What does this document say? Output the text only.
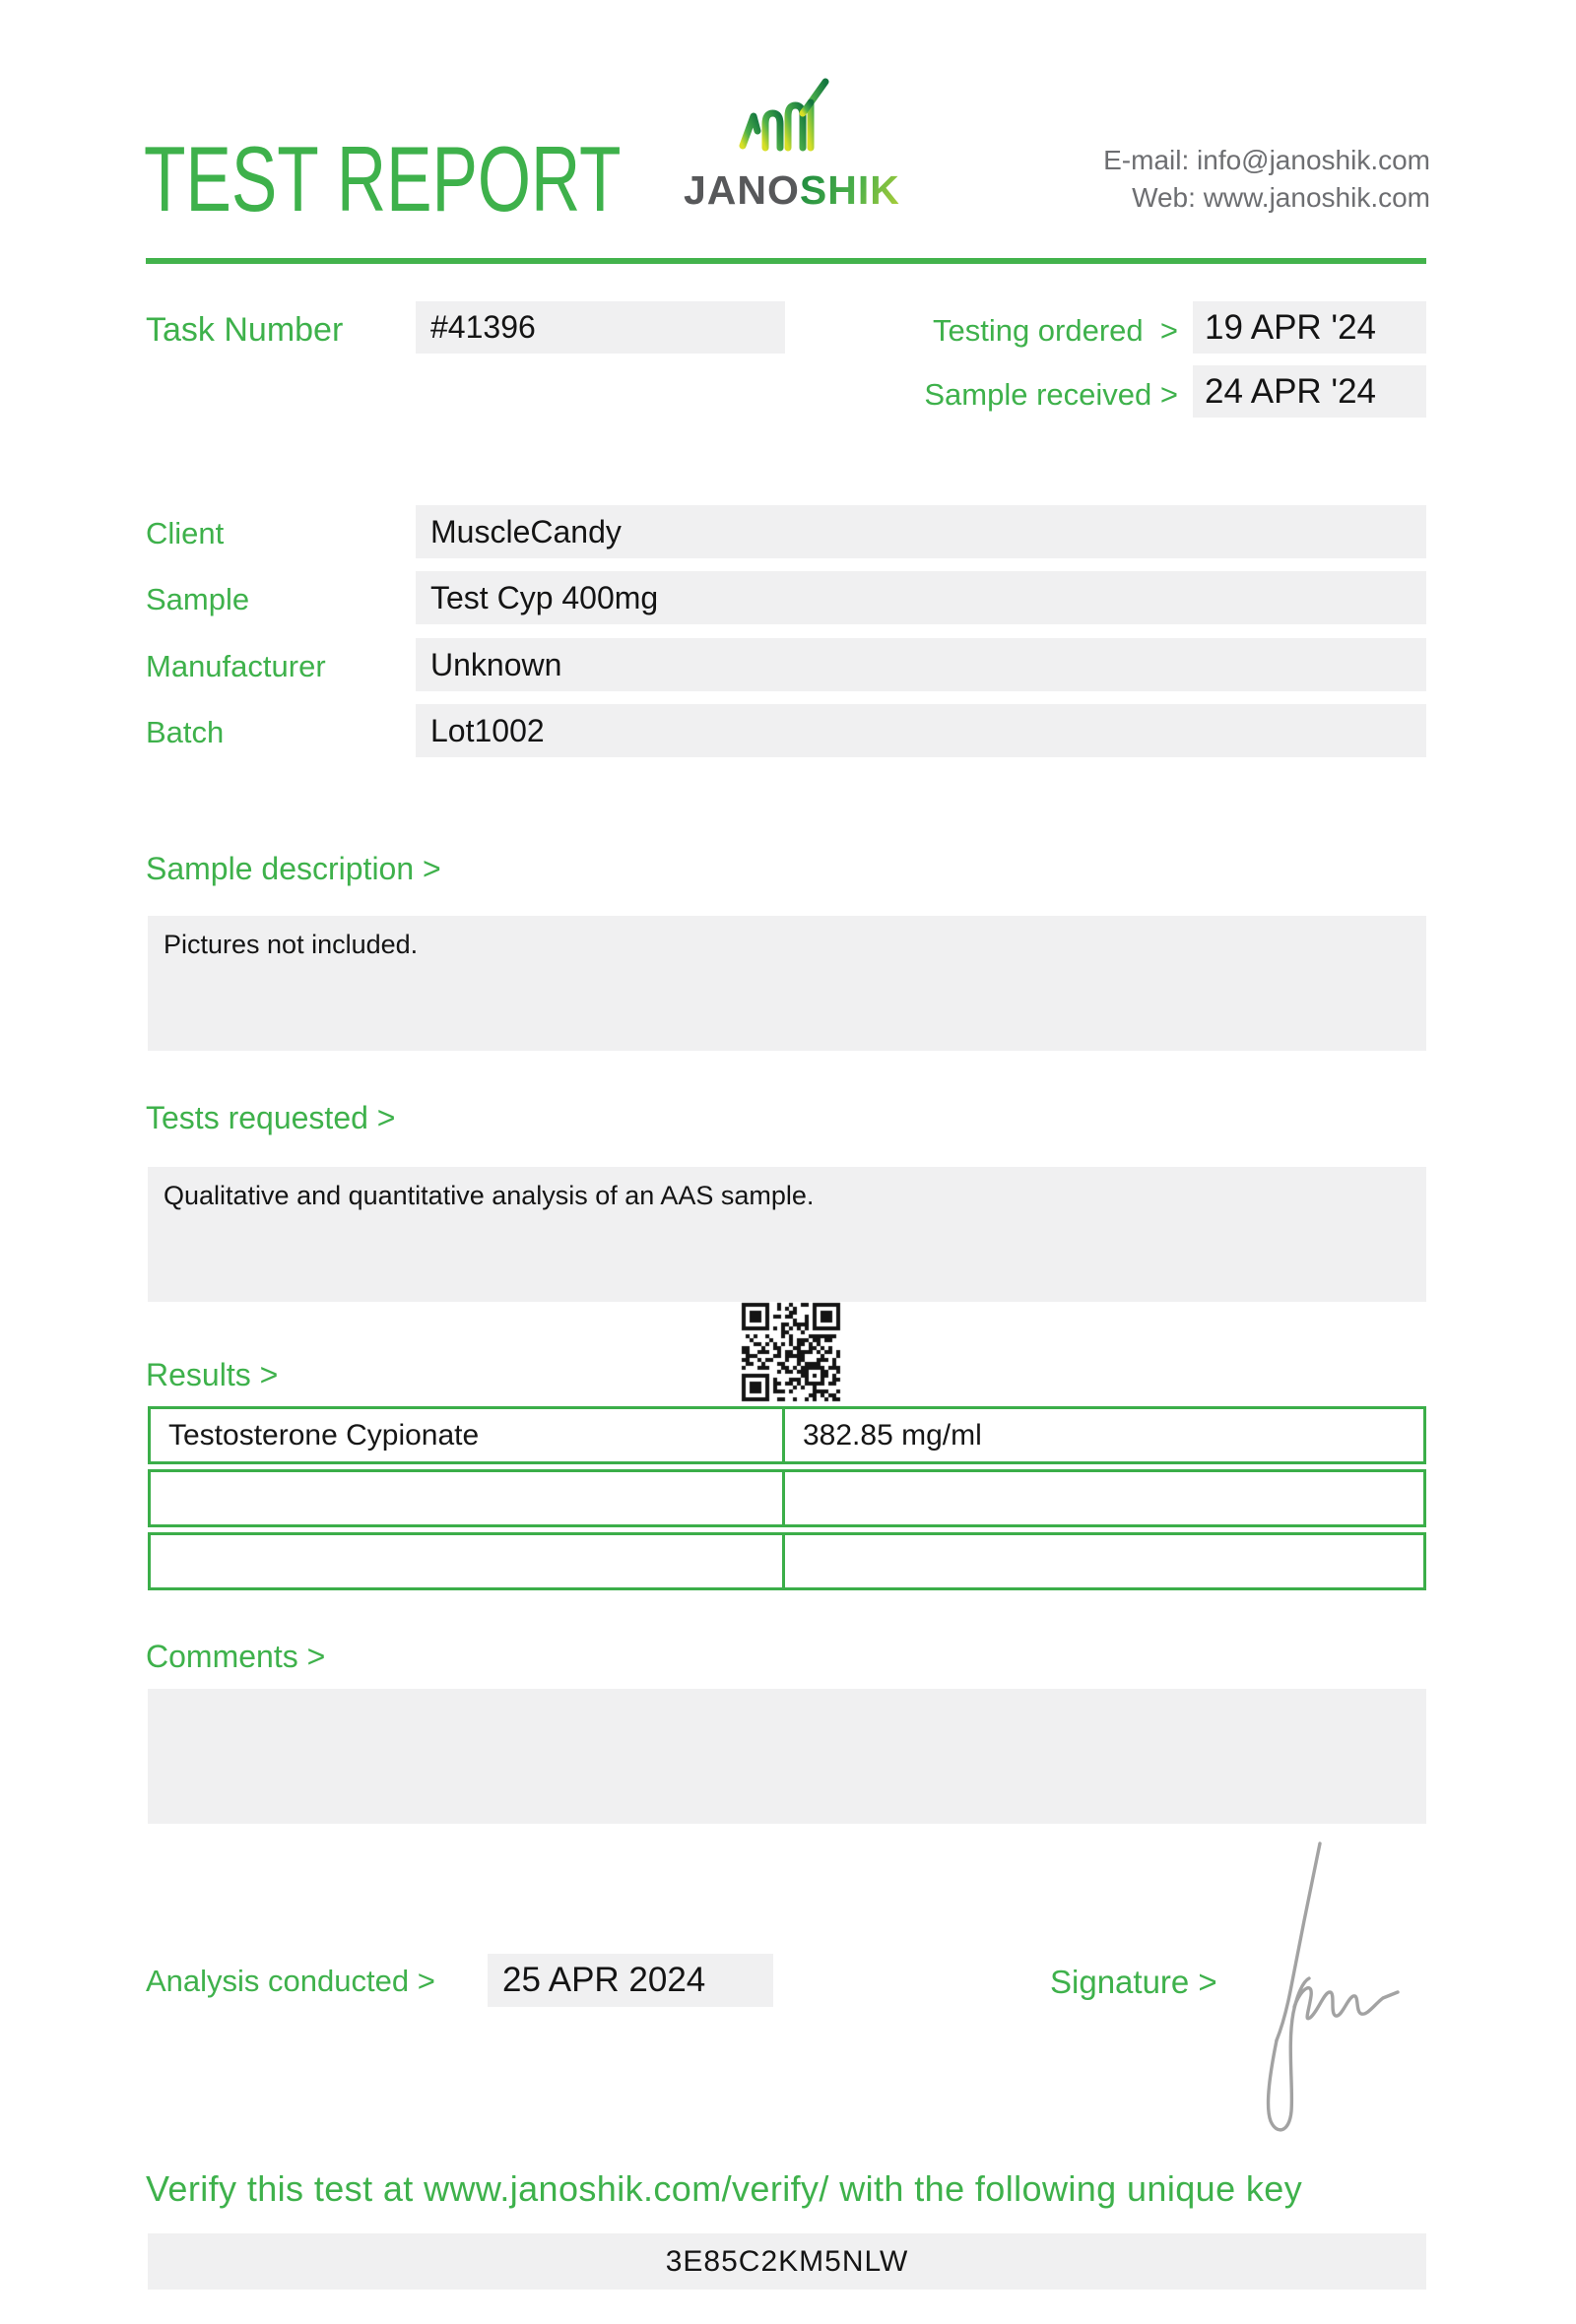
TEST REPORT	JANOSHIK
E-mail: info@janoshik.com
Web: www.janoshik.com
Task Number	#41396	Testing ordered > 19 APR '24
Sample received > 24 APR '24
Client	MuscleCandy
Sample	Test Cyp 400mg
Manufacturer	Unknown
Batch	Lot1002
Sample description >
Pictures not included.
Tests requested >
Qualitative and quantitative analysis of an AAS sample.
Results >
Testosterone Cypionate	382.85 mg/ml
Comments >
Analysis conducted >	25 APR 2024	Signature >
Verify this test at www.janoshik.com/verify/ with the following unique key
3E85C2KM5NLW
